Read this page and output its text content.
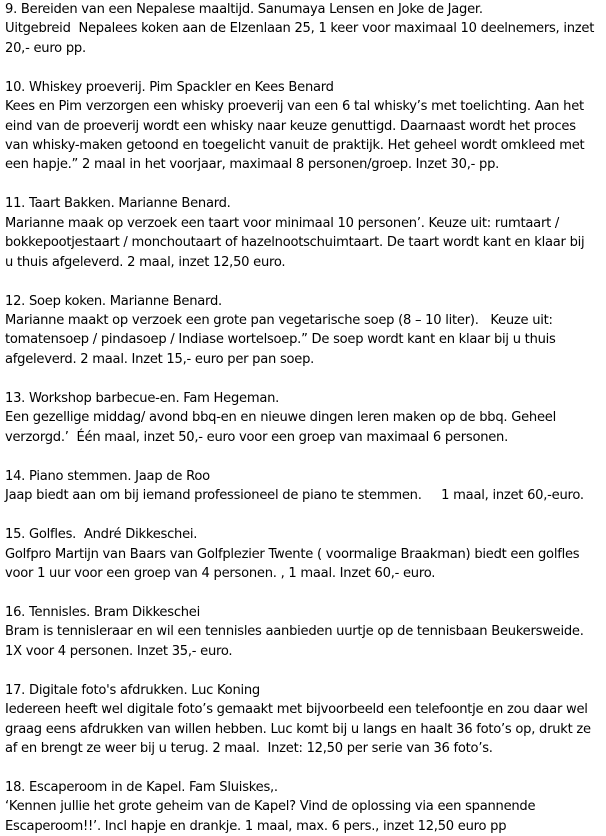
9. Bereiden van een Nepalese maaltijd. Sanumaya Lensen en Joke de Jager.
Uitgebreid  Nepalees koken aan de Elzenlaan 25, 1 keer voor maximaal 10 deelnemers, inzet
20,- euro pp.
10. Whiskey proeverij. Pim Spackler en Kees Benard
Kees en Pim verzorgen een whisky proeverij van een 6 tal whisky’s met toelichting. Aan het
eind van de proeverij wordt een whisky naar keuze genuttigd. Daarnaast wordt het proces
van whisky-maken getoond en toegelicht vanuit de praktijk. Het geheel wordt omkleed met
een hapje.” 2 maal in het voorjaar, maximaal 8 personen/groep. Inzet 30,- pp.
11. Taart Bakken. Marianne Benard.
Marianne maak op verzoek een taart voor minimaal 10 personen’. Keuze uit: rumtaart /
bokkepootjestaart / monchoutaart of hazelnootschuimtaart. De taart wordt kant en klaar bij
u thuis afgeleverd. 2 maal, inzet 12,50 euro.
12. Soep koken. Marianne Benard.
Marianne maakt op verzoek een grote pan vegetarische soep (8 – 10 liter).   Keuze uit:
tomatensoep / pindasoep / Indiase wortelsoep.” De soep wordt kant en klaar bij u thuis
afgeleverd. 2 maal. Inzet 15,- euro per pan soep.
13. Workshop barbecue-en. Fam Hegeman.
Een gezellige middag/ avond bbq-en en nieuwe dingen leren maken op de bbq. Geheel
verzorgd.’  Één maal, inzet 50,- euro voor een groep van maximaal 6 personen.
14. Piano stemmen. Jaap de Roo
Jaap biedt aan om bij iemand professioneel de piano te stemmen.     1 maal, inzet 60,-euro.
15. Golfles.  André Dikkeschei.
Golfpro Martijn van Baars van Golfplezier Twente ( voormalige Braakman) biedt een golfles
voor 1 uur voor een groep van 4 personen. , 1 maal. Inzet 60,- euro.
16. Tennisles. Bram Dikkeschei
Bram is tennisleraar en wil een tennisles aanbieden uurtje op de tennisbaan Beukersweide.
1X voor 4 personen. Inzet 35,- euro.
17. Digitale foto's afdrukken. Luc Koning
Iedereen heeft wel digitale foto’s gemaakt met bijvoorbeeld een telefoontje en zou daar wel
graag eens afdrukken van willen hebben. Luc komt bij u langs en haalt 36 foto’s op, drukt ze
af en brengt ze weer bij u terug. 2 maal.  Inzet: 12,50 per serie van 36 foto’s.
18. Escaperoom in de Kapel. Fam Sluiskes,.
‘Kennen jullie het grote geheim van de Kapel? Vind de oplossing via een spannende
Escaperoom!!’. Incl hapje en drankje. 1 maal, max. 6 pers., inzet 12,50 euro pp
